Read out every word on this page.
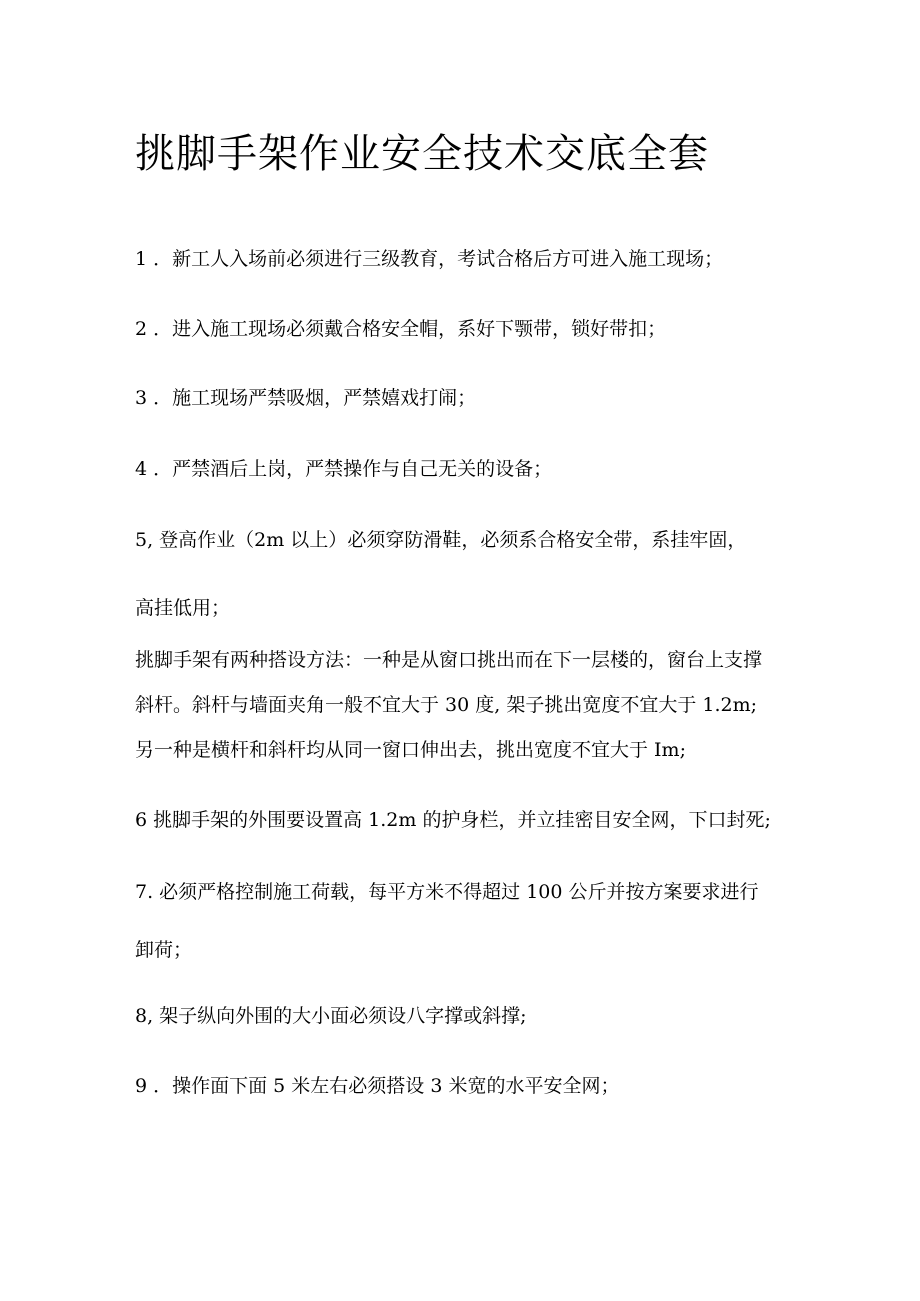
挑脚手架作业安全技术交底全套

1 ．新工人入场前必须进行三级教育，考试合格后方可进入施工现场；

2 ．进入施工现场必须戴合格安全帽，系好下颚带，锁好带扣；

3 ．施工现场严禁吸烟，严禁嬉戏打闹；

4 ．严禁酒后上岗，严禁操作与自己无关的设备；

5, 登高作业（2m 以上）必须穿防滑鞋，必须系合格安全带，系挂牢固，
高挂低用；

挑脚手架有两种搭设方法：一种是从窗口挑出而在下一层楼的，窗台上支撑
斜杆。斜杆与墙面夹角一般不宜大于 30 度, 架子挑出宽度不宜大于 1.2m;
另一种是横杆和斜杆均从同一窗口伸出去，挑出宽度不宜大于 Im;

6 挑脚手架的外围要设置高 1.2m 的护身栏，并立挂密目安全网，下口封死;

7. 必须严格控制施工荷载，每平方米不得超过 100 公斤并按方案要求进行
卸荷；

8, 架子纵向外围的大小面必须设八字撑或斜撑;

9 ．操作面下面 5 米左右必须搭设 3 米宽的水平安全网；
